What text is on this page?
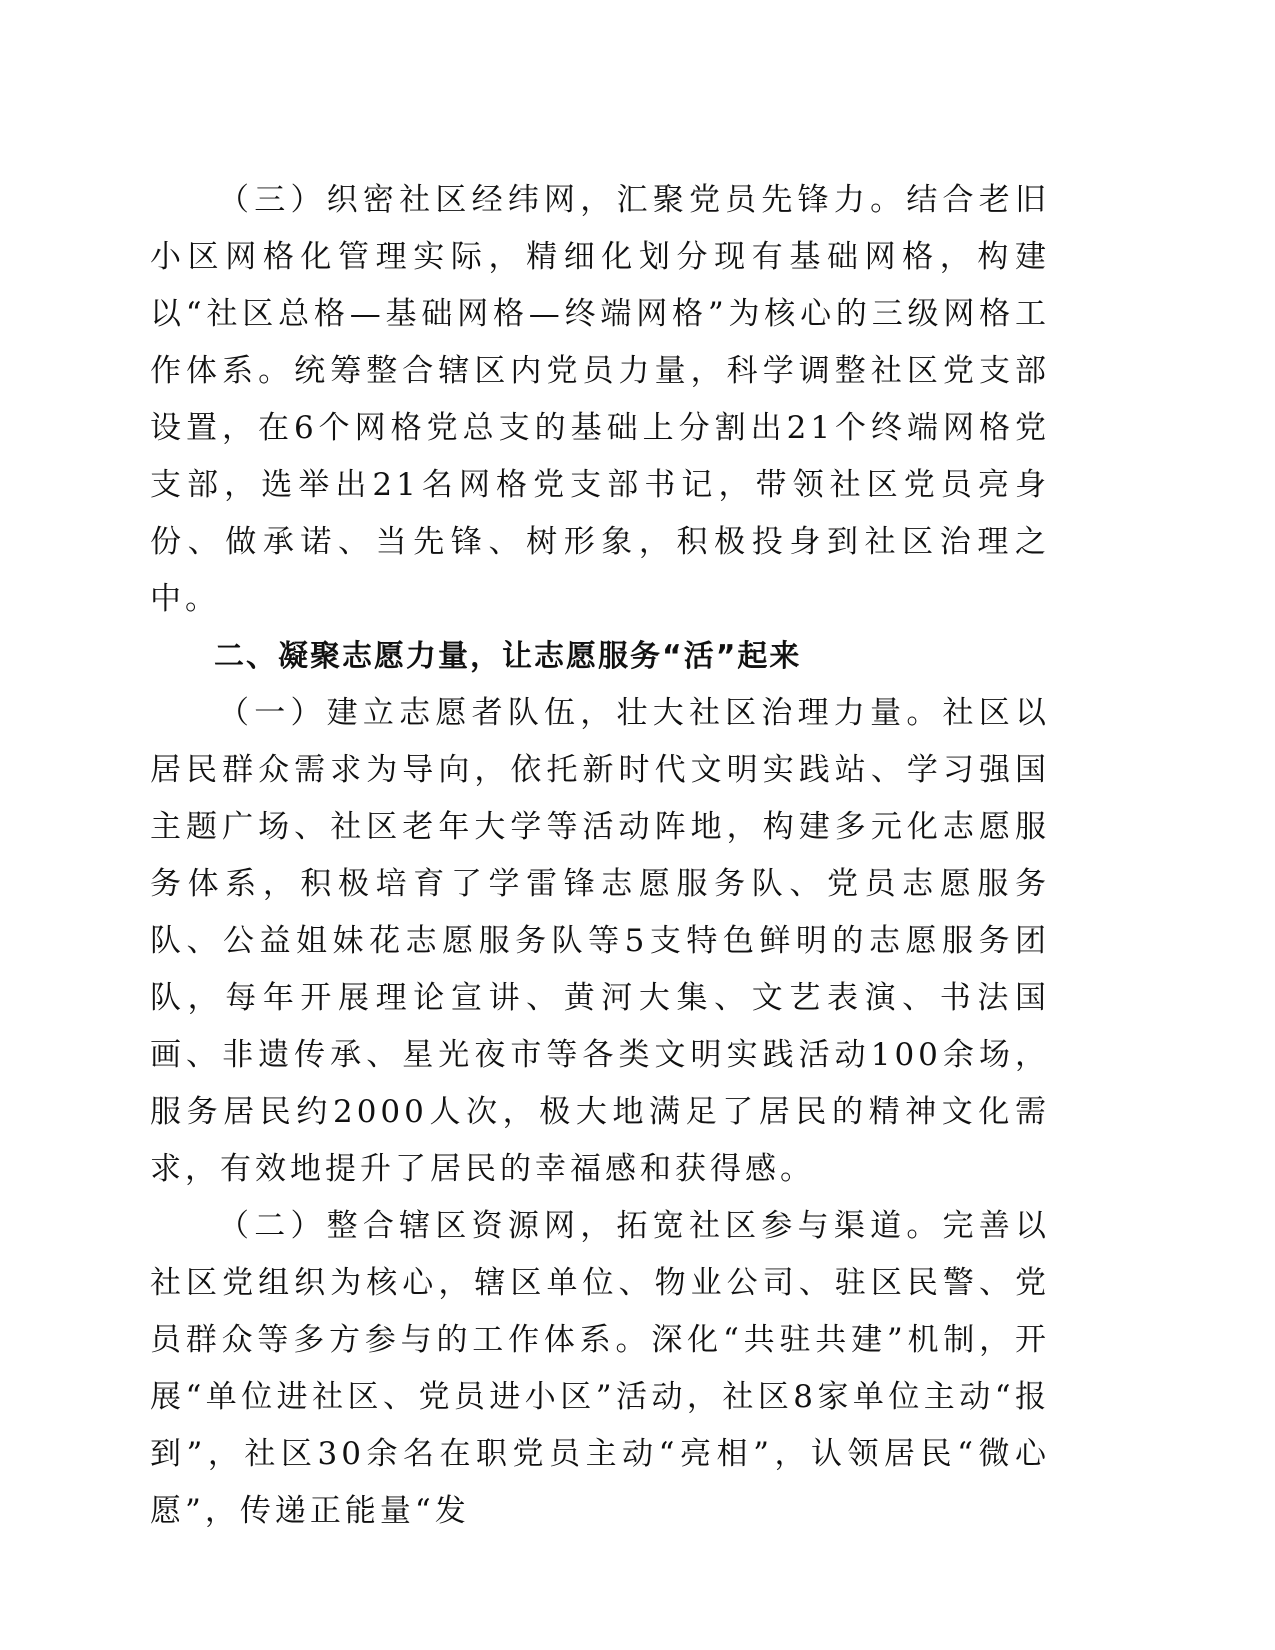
（三）织密社区经纬网，汇聚党员先锋力。结合老旧小区网格化管理实际，精细化划分现有基础网格，构建以“社区总格—基础网格—终端网格”为核心的三级网格工作体系。统筹整合辖区内党员力量，科学调整社区党支部设置，在6个网格党总支的基础上分割出21个终端网格党支部，选举出21名网格党支部书记，带领社区党员亮身份、做承诺、当先锋、树形象，积极投身到社区治理之中。

二、凝聚志愿力量，让志愿服务“活”起来

（一）建立志愿者队伍，壮大社区治理力量。社区以居民群众需求为导向，依托新时代文明实践站、学习强国主题广场、社区老年大学等活动阵地，构建多元化志愿服务体系，积极培育了学雷锋志愿服务队、党员志愿服务队、公益姐妹花志愿服务队等5支特色鲜明的志愿服务团队，每年开展理论宣讲、黄河大集、文艺表演、书法国画、非遗传承、星光夜市等各类文明实践活动100余场，服务居民约2000人次，极大地满足了居民的精神文化需求，有效地提升了居民的幸福感和获得感。

（二）整合辖区资源网，拓宽社区参与渠道。完善以社区党组织为核心，辖区单位、物业公司、驻区民警、党员群众等多方参与的工作体系。深化“共驻共建”机制，开展“单位进社区、党员进小区”活动，社区8家单位主动“报到”，社区30余名在职党员主动“亮相”，认领居民“微心愿”，传递正能量“发
